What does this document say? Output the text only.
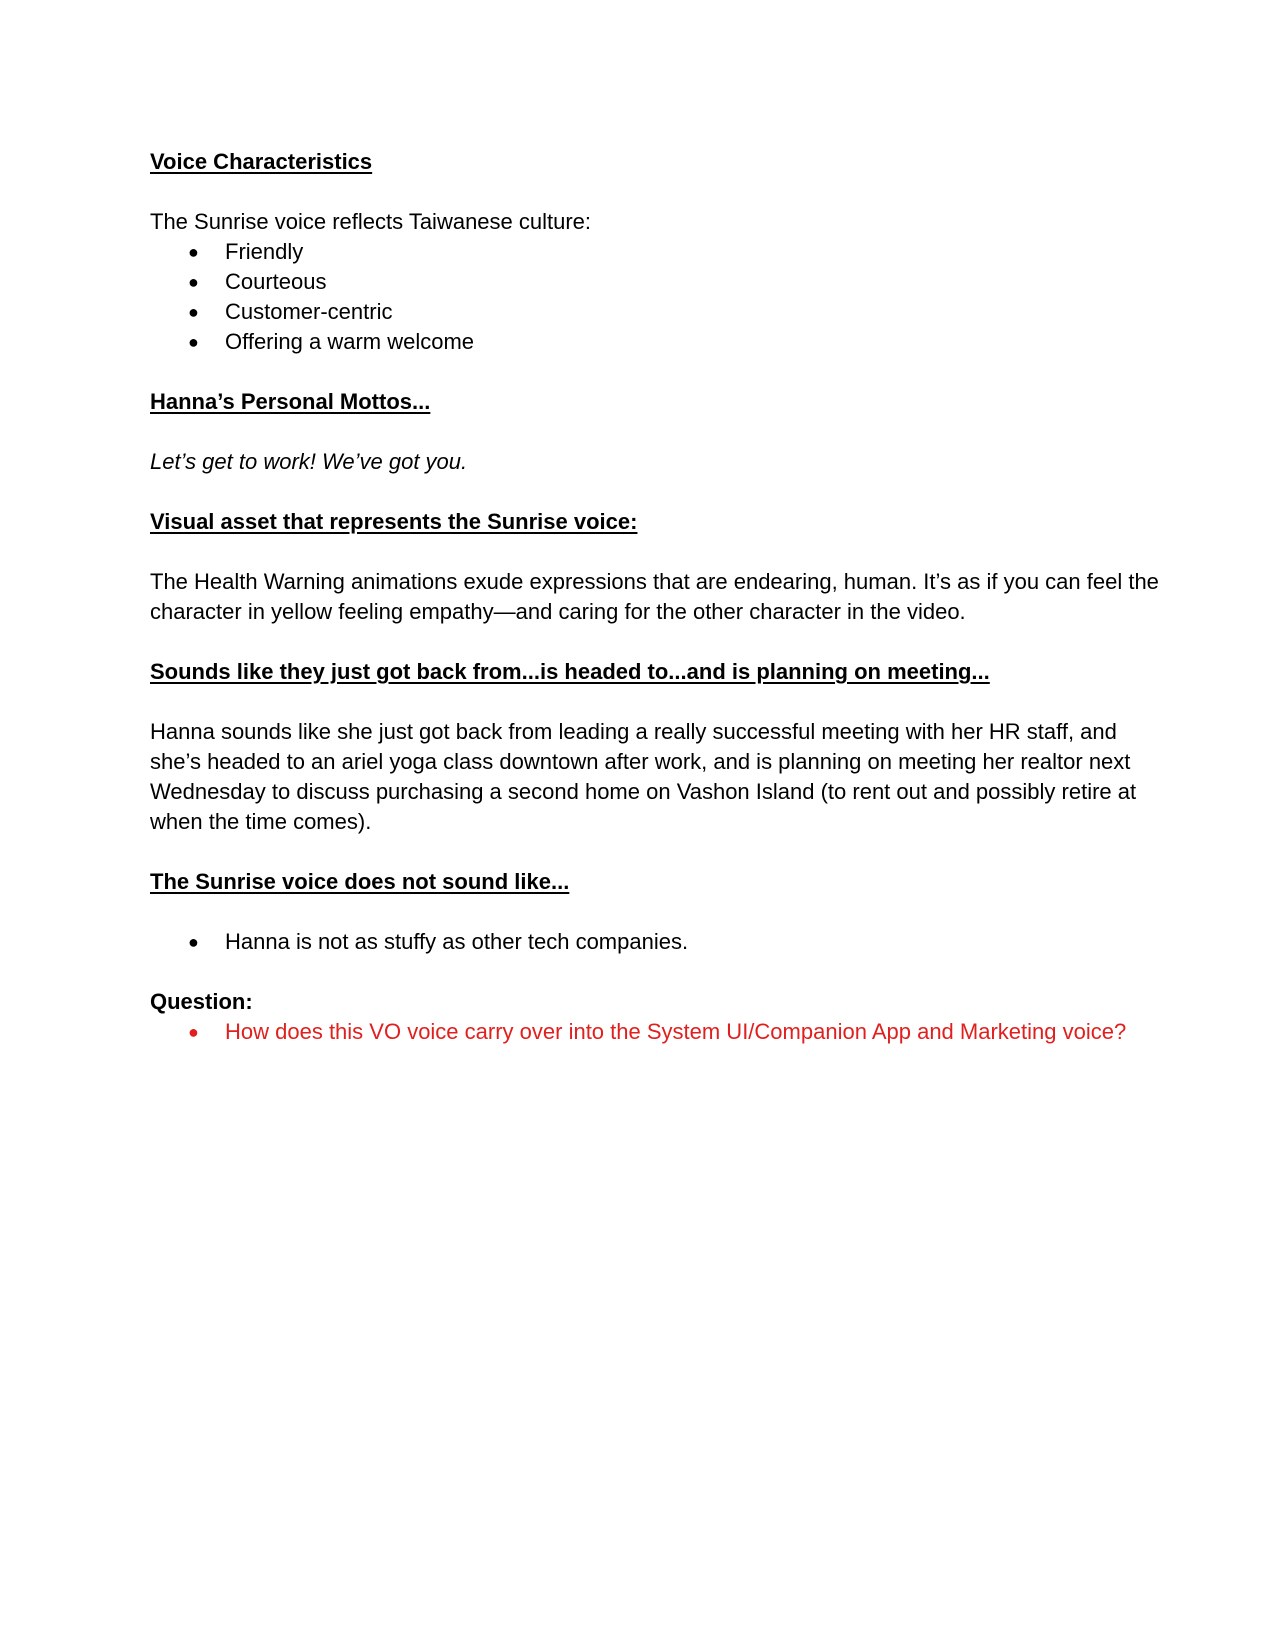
Voice Characteristics

The Sunrise voice reflects Taiwanese culture:

● Friendly
● Courteous
● Customer-centric
● Offering a warm welcome

Hanna’s Personal Mottos...

Let’s get to work! We’ve got you.

Visual asset that represents the Sunrise voice:

The Health Warning animations exude expressions that are endearing, human. It’s as if you can feel the character in yellow feeling empathy—and caring for the other character in the video.

Sounds like they just got back from...is headed to...and is planning on meeting...

Hanna sounds like she just got back from leading a really successful meeting with her HR staff, and she’s headed to an ariel yoga class downtown after work, and is planning on meeting her realtor next Wednesday to discuss purchasing a second home on Vashon Island (to rent out and possibly retire at when the time comes).

The Sunrise voice does not sound like...

● Hanna is not as stuffy as other tech companies.

Question:

● How does this VO voice carry over into the System UI/Companion App and Marketing voice?
